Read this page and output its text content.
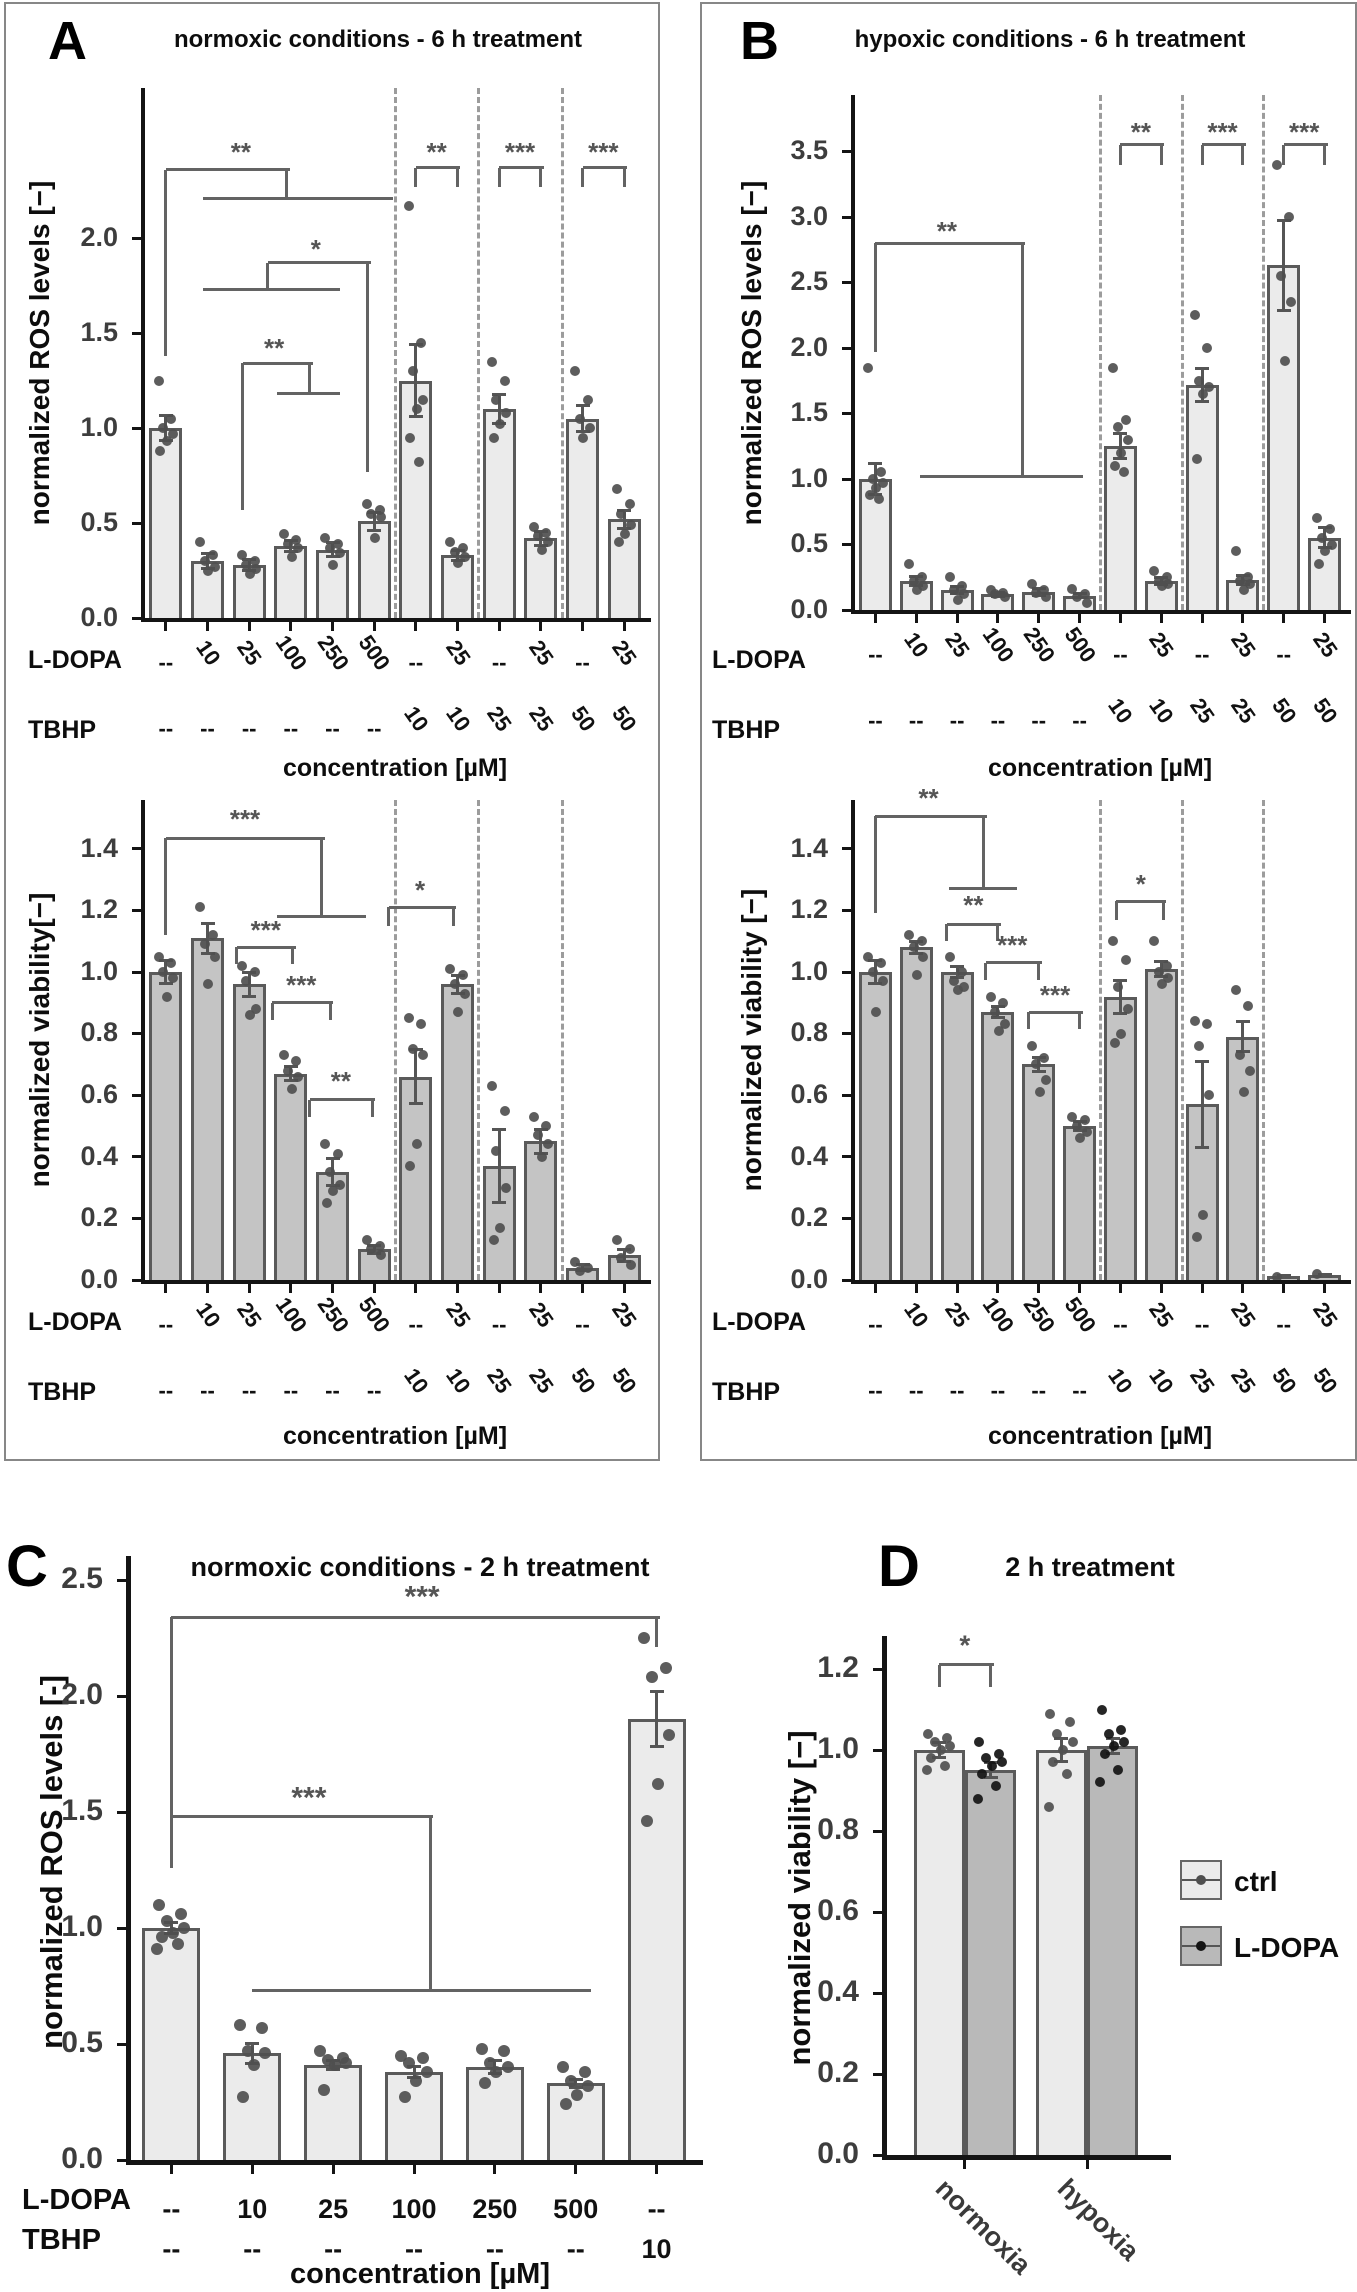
A	B
C	D
normoxic conditions - 6 h treatment	hypoxic conditions - 6 h treatment
normoxic conditions - 2 h treatment	2 h treatment
normalized ROS levels [−]
normalized viability[−]
normalized ROS levels [−]
normalized viability [−]
normalized ROS levels [-]	normalized viability [−]
L-DOPA
TBHP
concentration [µM]
L-DOPA
TBHP
concentration [µM]
L-DOPA
TBHP
concentration [µM]
L-DOPA
TBHP
concentration [µM]
L-DOPA
TBHP
concentration [µM]
ctrl
L-DOPA
0.0
0.5
1.0
1.5
2.0
-- 10 25 100 250 500 -- 25 -- 25 -- 25
-- -- -- -- -- -- 10 10 25 25 50 50
**
*
**
** *** ***
0.0
0.2
0.4
0.6
0.8
1.0
1.2
1.4
-- 10 25 100 250 500 -- 25 -- 25 -- 25
-- -- -- -- -- -- 10 10 25 25 50 50
***
***
***
**
*
0.0
0.5
1.0
1.5
2.0
2.5
3.0
3.5
-- 10 25 100 250 500 -- 25 -- 25 -- 25
-- -- -- -- -- -- 10 10 25 25 50 50
**
** *** ***
0.0
0.2
0.4
0.6
0.8
1.0
1.2
1.4
-- 10 25 100 250 500 -- 25 -- 25 -- 25
-- -- -- -- -- -- 10 10 25 25 50 50
**
**
***
***
*
0.0
0.5
1.0
1.5
2.0
2.5
-- 10 25 100 250 500 --
-- -- -- -- -- -- 10
***
***
0.0
0.2
0.4
0.6
0.8
1.0
1.2
normoxia hypoxia
*
